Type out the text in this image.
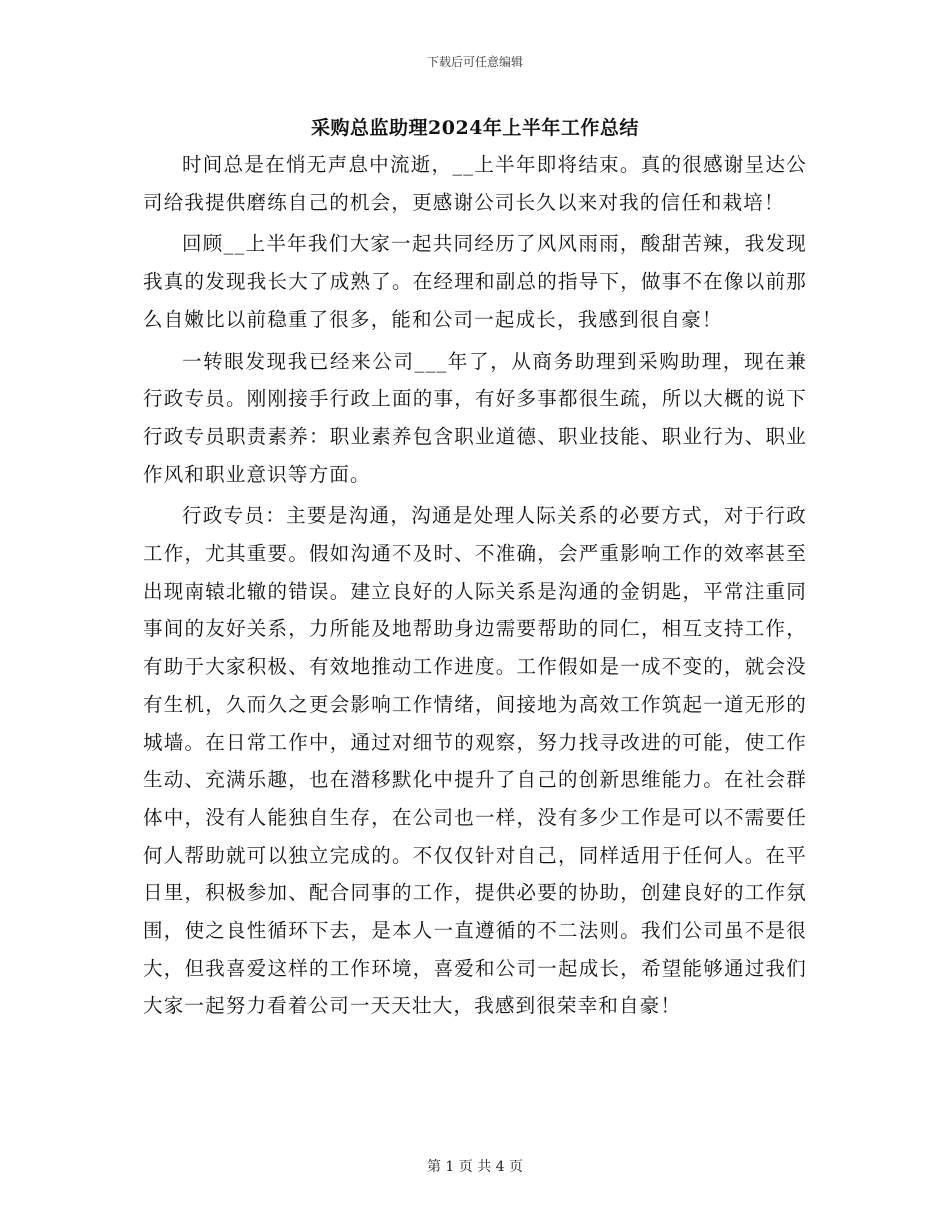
下载后可任意编辑
采购总监助理2024年上半年工作总结

时间总是在悄无声息中流逝，__上半年即将结束。真的很感谢呈达公司给我提供磨练自己的机会，更感谢公司长久以来对我的信任和栽培！

回顾__上半年我们大家一起共同经历了风风雨雨，酸甜苦辣，我发现我真的发现我长大了成熟了。在经理和副总的指导下，做事不在像以前那么自嫩比以前稳重了很多，能和公司一起成长，我感到很自豪！

一转眼发现我已经来公司___年了，从商务助理到采购助理，现在兼行政专员。刚刚接手行政上面的事，有好多事都很生疏，所以大概的说下行政专员职责素养：职业素养包含职业道德、职业技能、职业行为、职业作风和职业意识等方面。

行政专员：主要是沟通，沟通是处理人际关系的必要方式，对于行政工作，尤其重要。假如沟通不及时、不准确，会严重影响工作的效率甚至出现南辕北辙的错误。建立良好的人际关系是沟通的金钥匙，平常注重同事间的友好关系，力所能及地帮助身边需要帮助的同仁，相互支持工作，有助于大家积极、有效地推动工作进度。工作假如是一成不变的，就会没有生机，久而久之更会影响工作情绪，间接地为高效工作筑起一道无形的城墙。在日常工作中，通过对细节的观察，努力找寻改进的可能，使工作生动、充满乐趣，也在潜移默化中提升了自己的创新思维能力。在社会群体中，没有人能独自生存，在公司也一样，没有多少工作是可以不需要任何人帮助就可以独立完成的。不仅仅针对自己，同样适用于任何人。在平日里，积极参加、配合同事的工作，提供必要的协助，创建良好的工作氛围，使之良性循环下去，是本人一直遵循的不二法则。我们公司虽不是很大，但我喜爱这样的工作环境，喜爱和公司一起成长，希望能够通过我们大家一起努力看着公司一天天壮大，我感到很荣幸和自豪！

第 1 页 共 4 页
